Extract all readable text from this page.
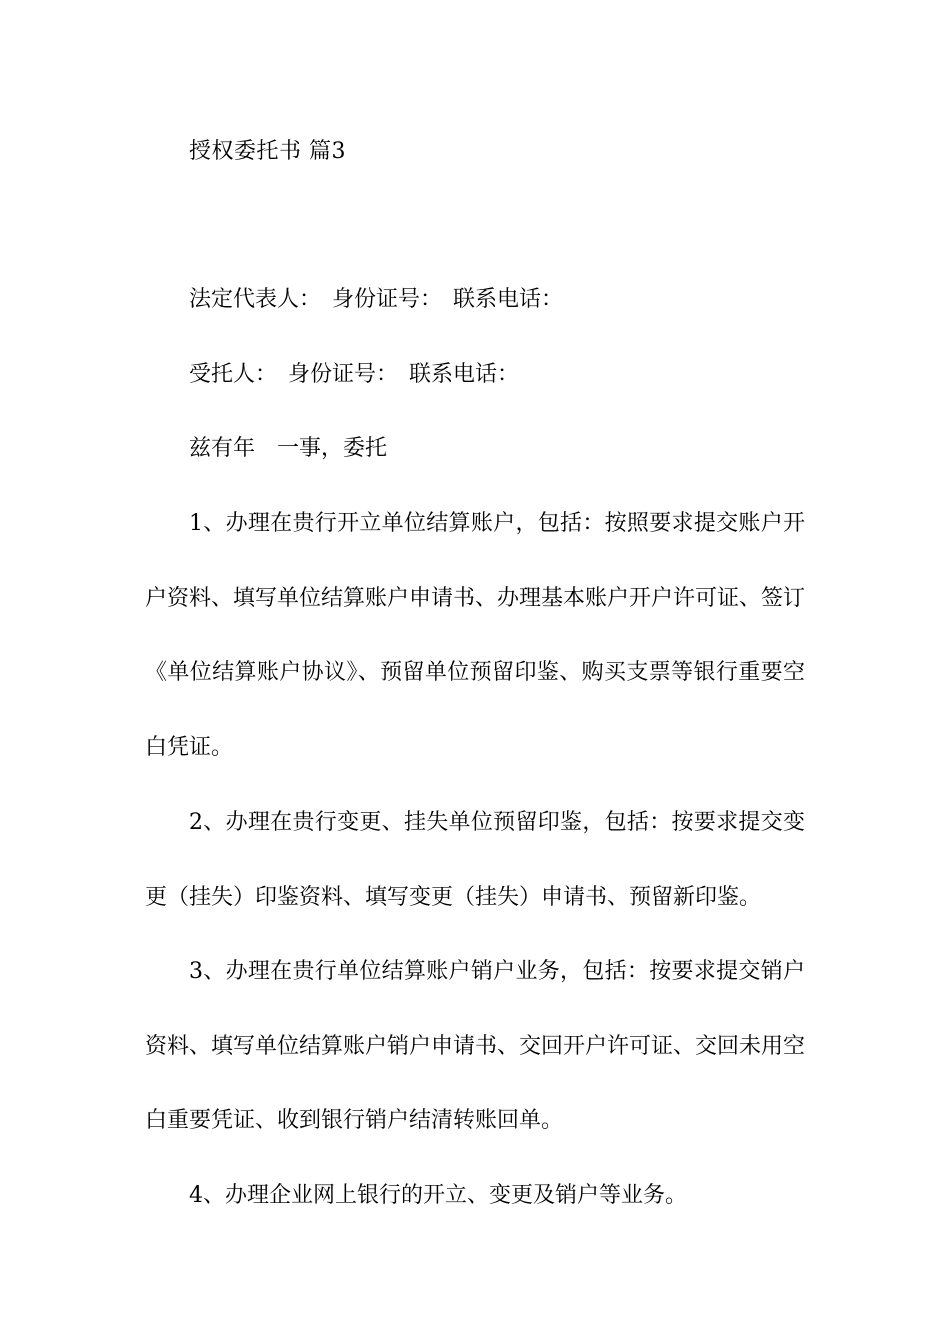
授权委托书 篇3
法定代表人：　身份证号：　联系电话：
受托人：　身份证号：　联系电话：
兹有年　一事，委托
1、办理在贵行开立单位结算账户，包括：按照要求提交账户开户资料、填写单位结算账户申请书、办理基本账户开户许可证、签订《单位结算账户协议》、预留单位预留印鉴、购买支票等银行重要空白凭证。
2、办理在贵行变更、挂失单位预留印鉴，包括：按要求提交变更（挂失）印鉴资料、填写变更（挂失）申请书、预留新印鉴。
3、办理在贵行单位结算账户销户业务，包括：按要求提交销户资料、填写单位结算账户销户申请书、交回开户许可证、交回未用空白重要凭证、收到银行销户结清转账回单。
4、办理企业网上银行的开立、变更及销户等业务。
